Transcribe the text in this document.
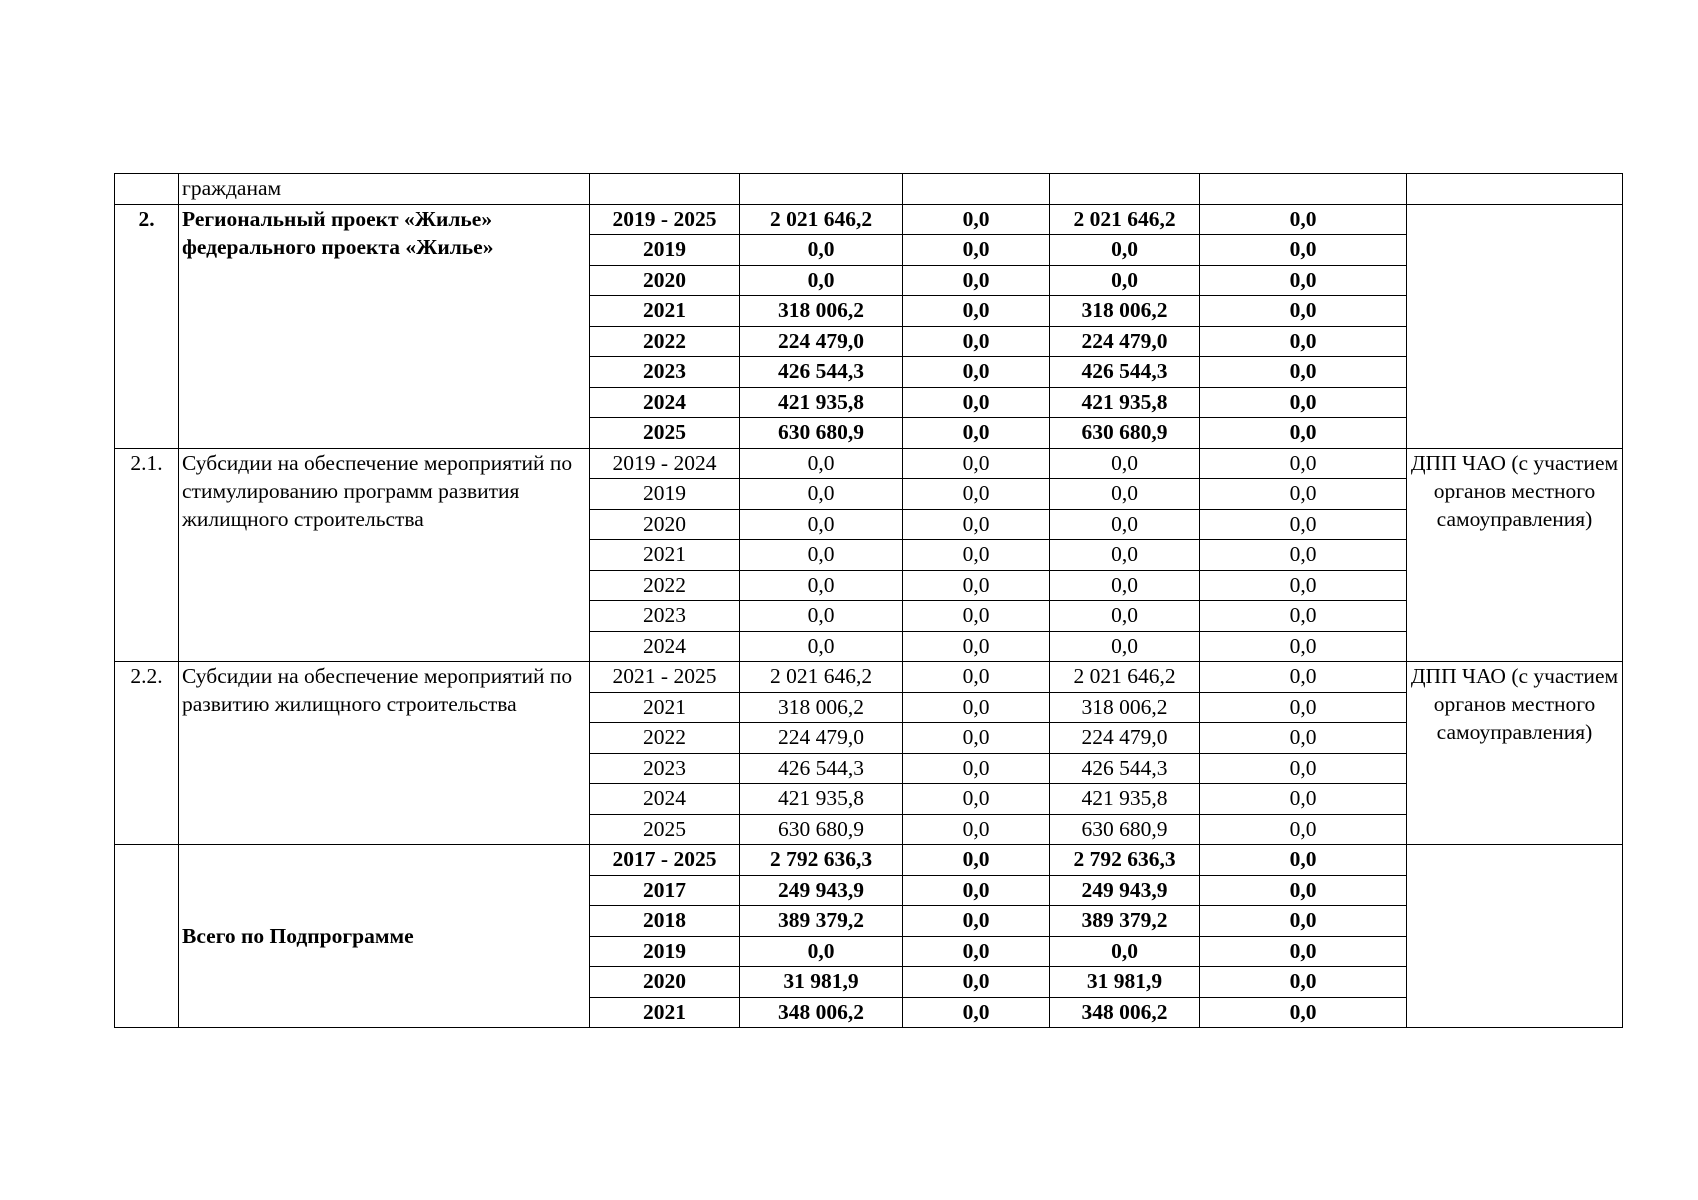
	гражданам						
2.	Региональный проект «Жилье» федерального проекта «Жилье»	2019 - 2025	2 021 646,2	0,0	2 021 646,2	0,0	
		2019	0,0	0,0	0,0	0,0	
		2020	0,0	0,0	0,0	0,0	
		2021	318 006,2	0,0	318 006,2	0,0	
		2022	224 479,0	0,0	224 479,0	0,0	
		2023	426 544,3	0,0	426 544,3	0,0	
		2024	421 935,8	0,0	421 935,8	0,0	
		2025	630 680,9	0,0	630 680,9	0,0	
2.1.	Субсидии на обеспечение мероприятий по стимулированию программ развития жилищного строительства	2019 - 2024	0,0	0,0	0,0	0,0	ДПП ЧАО (с участием органов местного самоуправления)
		2019	0,0	0,0	0,0	0,0	
		2020	0,0	0,0	0,0	0,0	
		2021	0,0	0,0	0,0	0,0	
		2022	0,0	0,0	0,0	0,0	
		2023	0,0	0,0	0,0	0,0	
		2024	0,0	0,0	0,0	0,0	
2.2.	Субсидии на обеспечение мероприятий по развитию жилищного строительства	2021 - 2025	2 021 646,2	0,0	2 021 646,2	0,0	ДПП ЧАО (с участием органов местного самоуправления)
		2021	318 006,2	0,0	318 006,2	0,0	
		2022	224 479,0	0,0	224 479,0	0,0	
		2023	426 544,3	0,0	426 544,3	0,0	
		2024	421 935,8	0,0	421 935,8	0,0	
		2025	630 680,9	0,0	630 680,9	0,0	
	Всего по Подпрограмме	2017 - 2025	2 792 636,3	0,0	2 792 636,3	0,0	
		2017	249 943,9	0,0	249 943,9	0,0	
		2018	389 379,2	0,0	389 379,2	0,0	
		2019	0,0	0,0	0,0	0,0	
		2020	31 981,9	0,0	31 981,9	0,0	
		2021	348 006,2	0,0	348 006,2	0,0	
